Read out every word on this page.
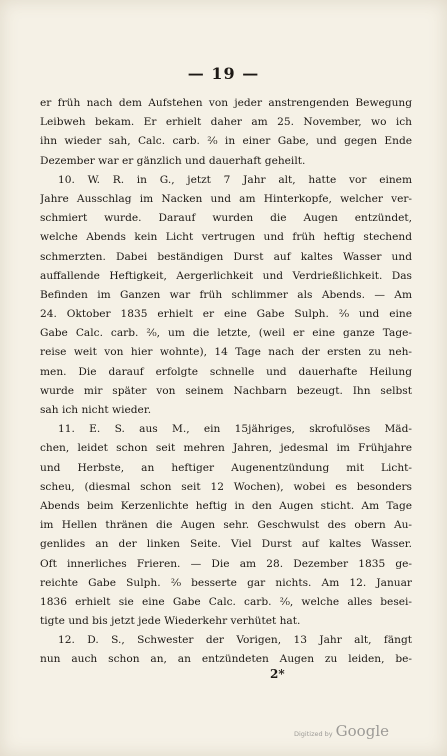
— 19 —
er früh nach dem Aufstehen von jeder anstrengenden Bewegung
Leibweh bekam. Er erhielt daher am 25. November, wo ich
ihn wieder sah, Calc. carb. ²⁄₀ in einer Gabe, und gegen Ende
Dezember war er gänzlich und dauerhaft geheilt.
10. W. R. in G., jetzt 7 Jahr alt, hatte vor einem
Jahre Ausschlag im Nacken und am Hinterkopfe, welcher ver-
schmiert wurde. Darauf wurden die Augen entzündet,
welche Abends kein Licht vertrugen und früh heftig stechend
schmerzten. Dabei beständigen Durst auf kaltes Wasser und
auffallende Heftigkeit, Aergerlichkeit und Verdrießlichkeit. Das
Befinden im Ganzen war früh schlimmer als Abends. — Am
24. Oktober 1835 erhielt er eine Gabe Sulph. ²⁄₀ und eine
Gabe Calc. carb. ²⁄₀, um die letzte, (weil er eine ganze Tage-
reise weit von hier wohnte), 14 Tage nach der ersten zu neh-
men. Die darauf erfolgte schnelle und dauerhafte Heilung
wurde mir später von seinem Nachbarn bezeugt. Ihn selbst
sah ich nicht wieder.
11. E. S. aus M., ein 15jähriges, skrofulöses Mäd-
chen, leidet schon seit mehren Jahren, jedesmal im Frühjahre
und Herbste, an heftiger Augenentzündung mit Licht-
scheu, (diesmal schon seit 12 Wochen), wobei es besonders
Abends beim Kerzenlichte heftig in den Augen sticht. Am Tage
im Hellen thränen die Augen sehr. Geschwulst des obern Au-
genlides an der linken Seite. Viel Durst auf kaltes Wasser.
Oft innerliches Frieren. — Die am 28. Dezember 1835 ge-
reichte Gabe Sulph. ²⁄₀ besserte gar nichts. Am 12. Januar
1836 erhielt sie eine Gabe Calc. carb. ²⁄₀, welche alles besei-
tigte und bis jetzt jede Wiederkehr verhütet hat.
12. D. S., Schwester der Vorigen, 13 Jahr alt, fängt
nun auch schon an, an entzündeten Augen zu leiden, be-
2*
Digitized by Google
